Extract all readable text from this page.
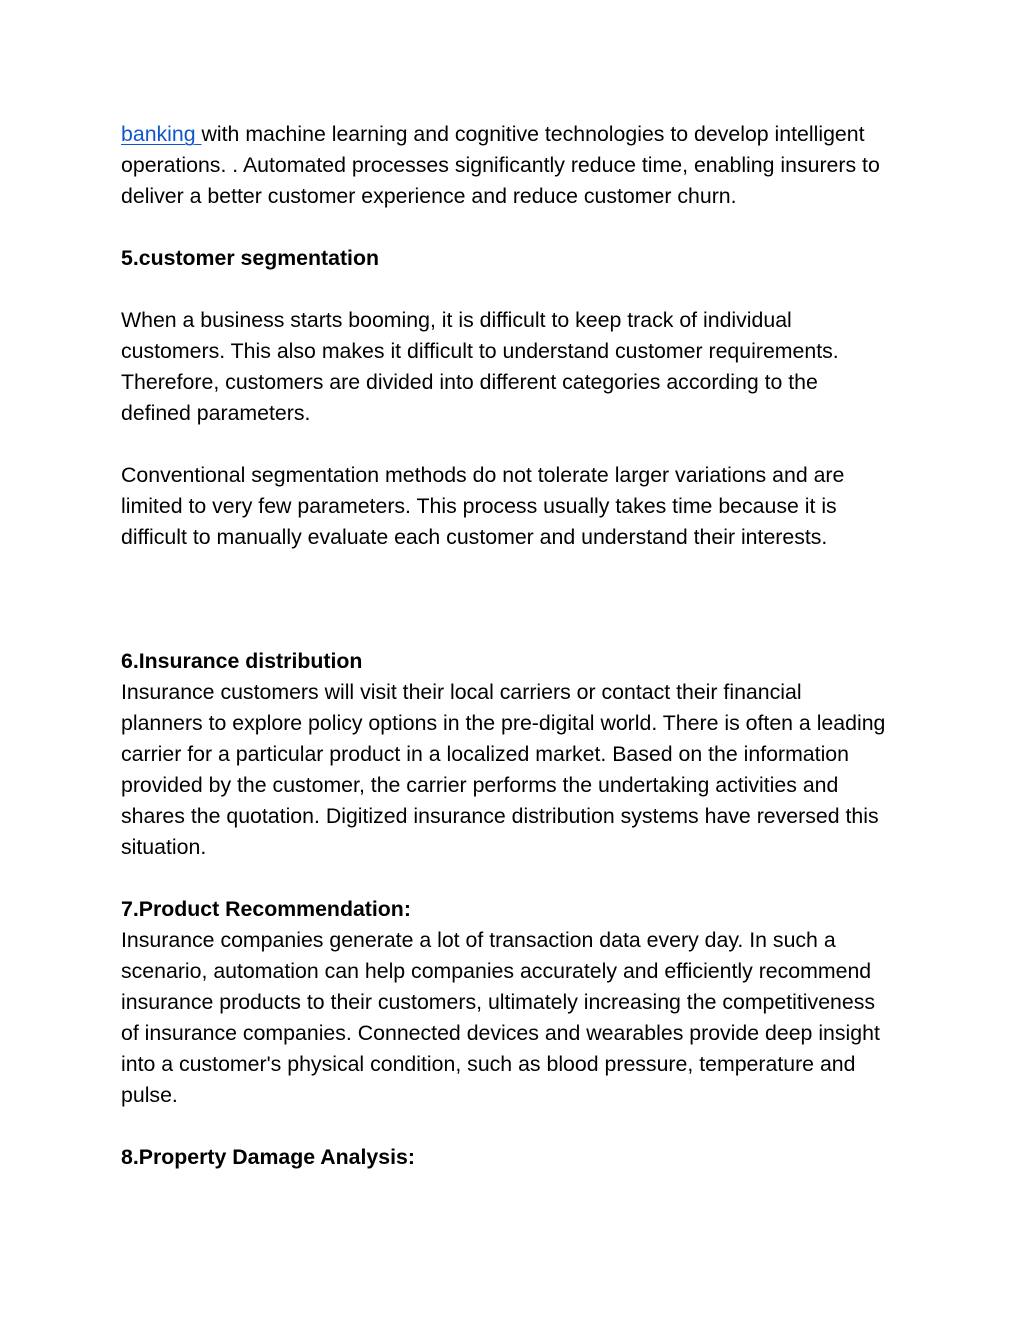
banking with machine learning and cognitive technologies to develop intelligent
operations. . Automated processes significantly reduce time, enabling insurers to
deliver a better customer experience and reduce customer churn.
5.customer segmentation
When a business starts booming, it is difficult to keep track of individual
customers. This also makes it difficult to understand customer requirements.
Therefore, customers are divided into different categories according to the
defined parameters.
Conventional segmentation methods do not tolerate larger variations and are
limited to very few parameters. This process usually takes time because it is
difficult to manually evaluate each customer and understand their interests.
6.Insurance distribution
Insurance customers will visit their local carriers or contact their financial
planners to explore policy options in the pre-digital world. There is often a leading
carrier for a particular product in a localized market. Based on the information
provided by the customer, the carrier performs the undertaking activities and
shares the quotation. Digitized insurance distribution systems have reversed this
situation.
7.Product Recommendation:
Insurance companies generate a lot of transaction data every day. In such a
scenario, automation can help companies accurately and efficiently recommend
insurance products to their customers, ultimately increasing the competitiveness
of insurance companies. Connected devices and wearables provide deep insight
into a customer's physical condition, such as blood pressure, temperature and
pulse.
8.Property Damage Analysis:
